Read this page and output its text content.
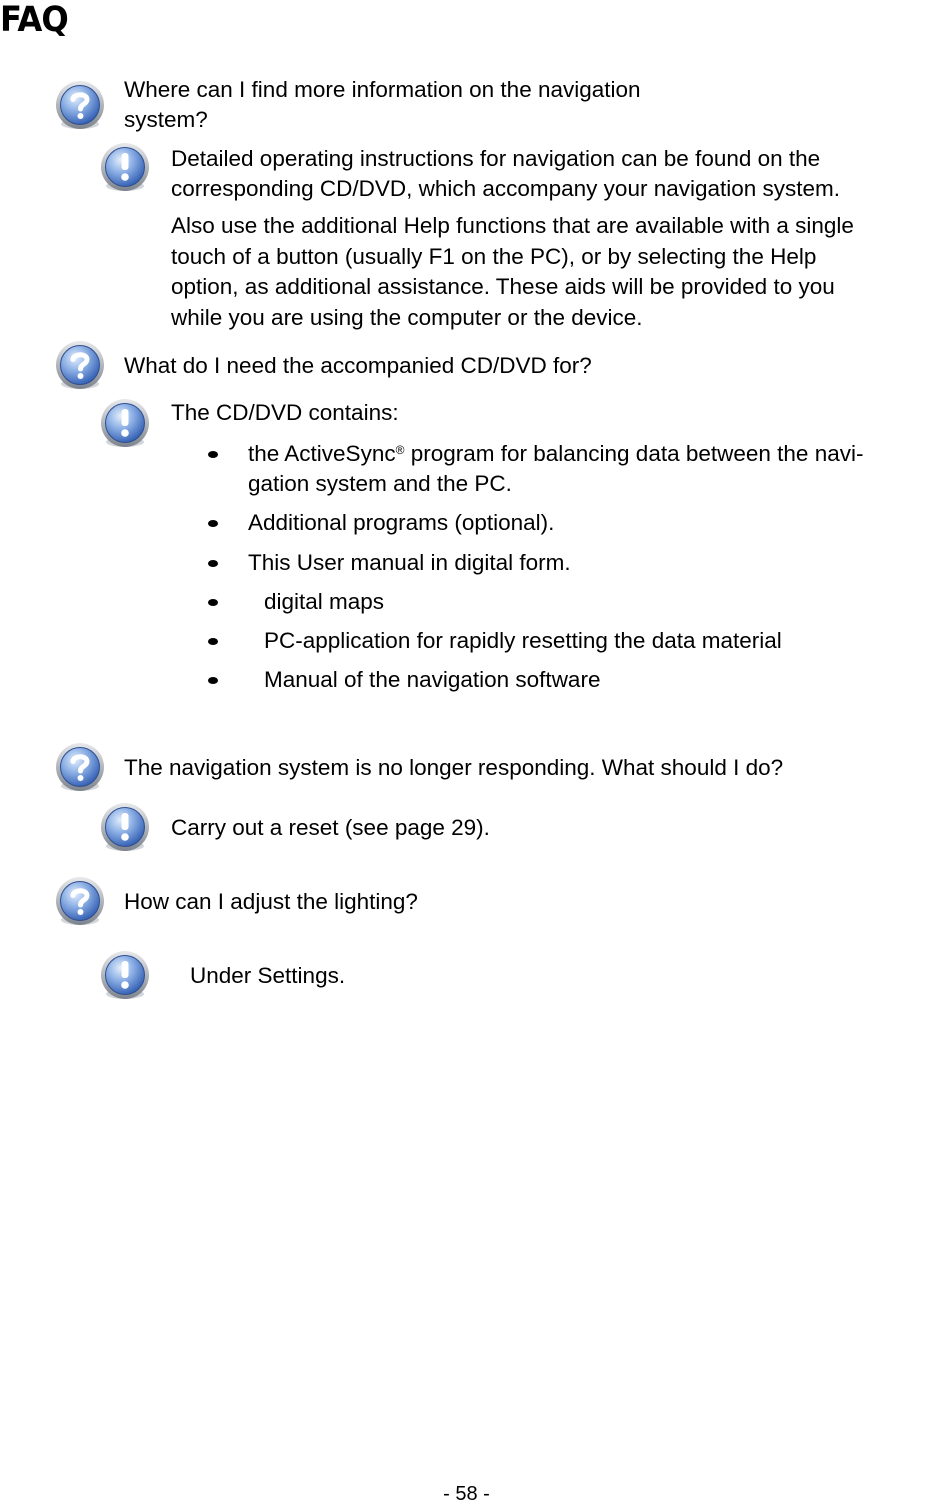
FAQ
Where can I find more information on the navigation
system?
Detailed operating instructions for navigation can be found on the
corresponding CD/DVD, which accompany your navigation system.
Also use the additional Help functions that are available with a single
touch of a button (usually F1 on the PC), or by selecting the Help
option, as additional assistance. These aids will be provided to you
while you are using the computer or the device.
What do I need the accompanied CD/DVD for?
The CD/DVD contains:
the ActiveSync® program for balancing data between the navi-
gation system and the PC.
Additional programs (optional).
This User manual in digital form.
digital maps
PC-application for rapidly resetting the data material
Manual of the navigation software
The navigation system is no longer responding. What should I do?
Carry out a reset (see page 29).
How can I adjust the lighting?
Under Settings.
- 58 -
